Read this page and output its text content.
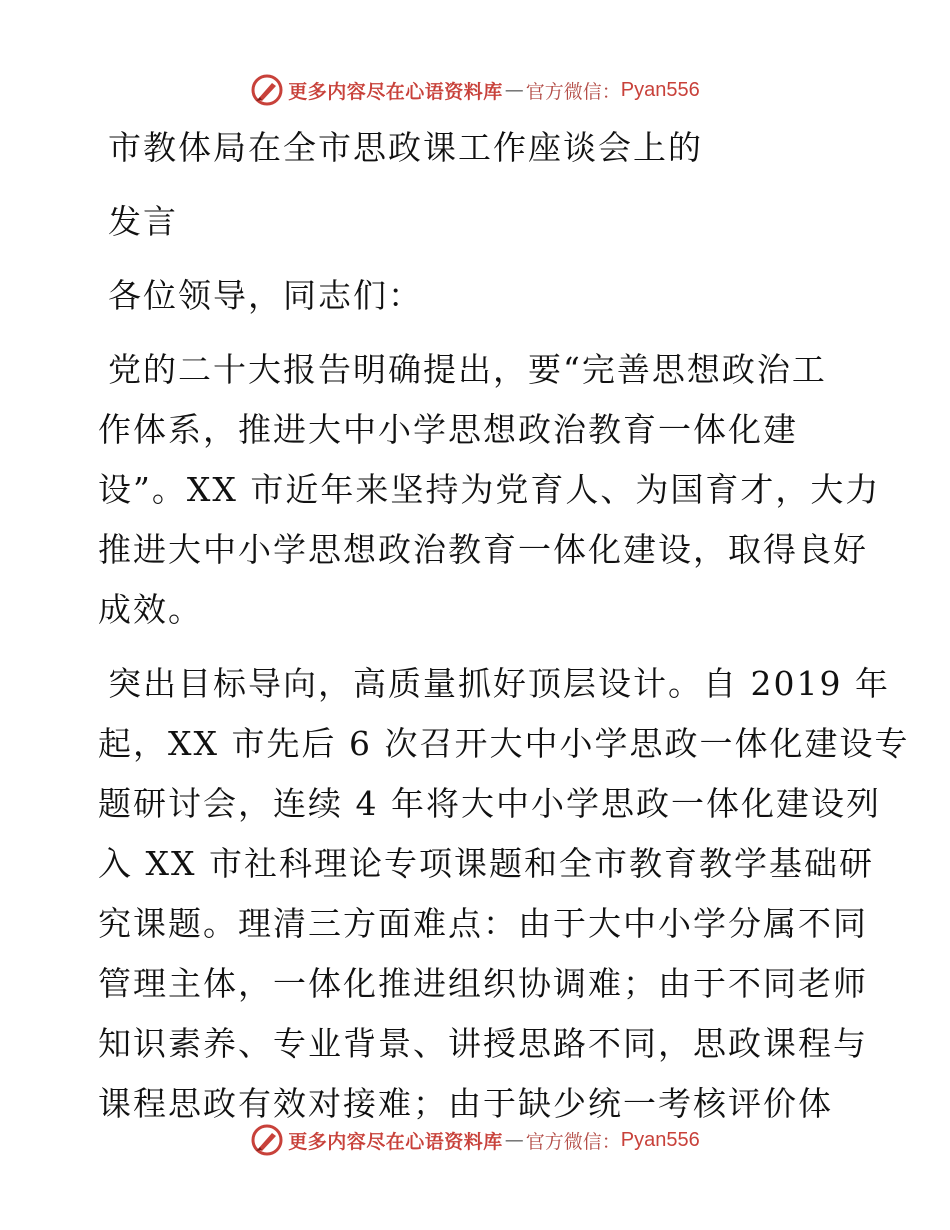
更多内容尽在心语资料库 — 官方微信： Pyan556
市教体局在全市思政课工作座谈会上的
发言
各位领导，同志们：
党的二十大报告明确提出，要“完善思想政治工
作体系，推进大中小学思想政治教育一体化建
设”。XX 市近年来坚持为党育人、为国育才，大力
推进大中小学思想政治教育一体化建设，取得良好
成效。
突出目标导向，高质量抓好顶层设计。自 2019 年
起，XX 市先后 6 次召开大中小学思政一体化建设专
题研讨会，连续 4 年将大中小学思政一体化建设列
入 XX 市社科理论专项课题和全市教育教学基础研
究课题。理清三方面难点：由于大中小学分属不同
管理主体，一体化推进组织协调难；由于不同老师
知识素养、专业背景、讲授思路不同，思政课程与
课程思政有效对接难；由于缺少统一考核评价体
更多内容尽在心语资料库 — 官方微信： Pyan556
